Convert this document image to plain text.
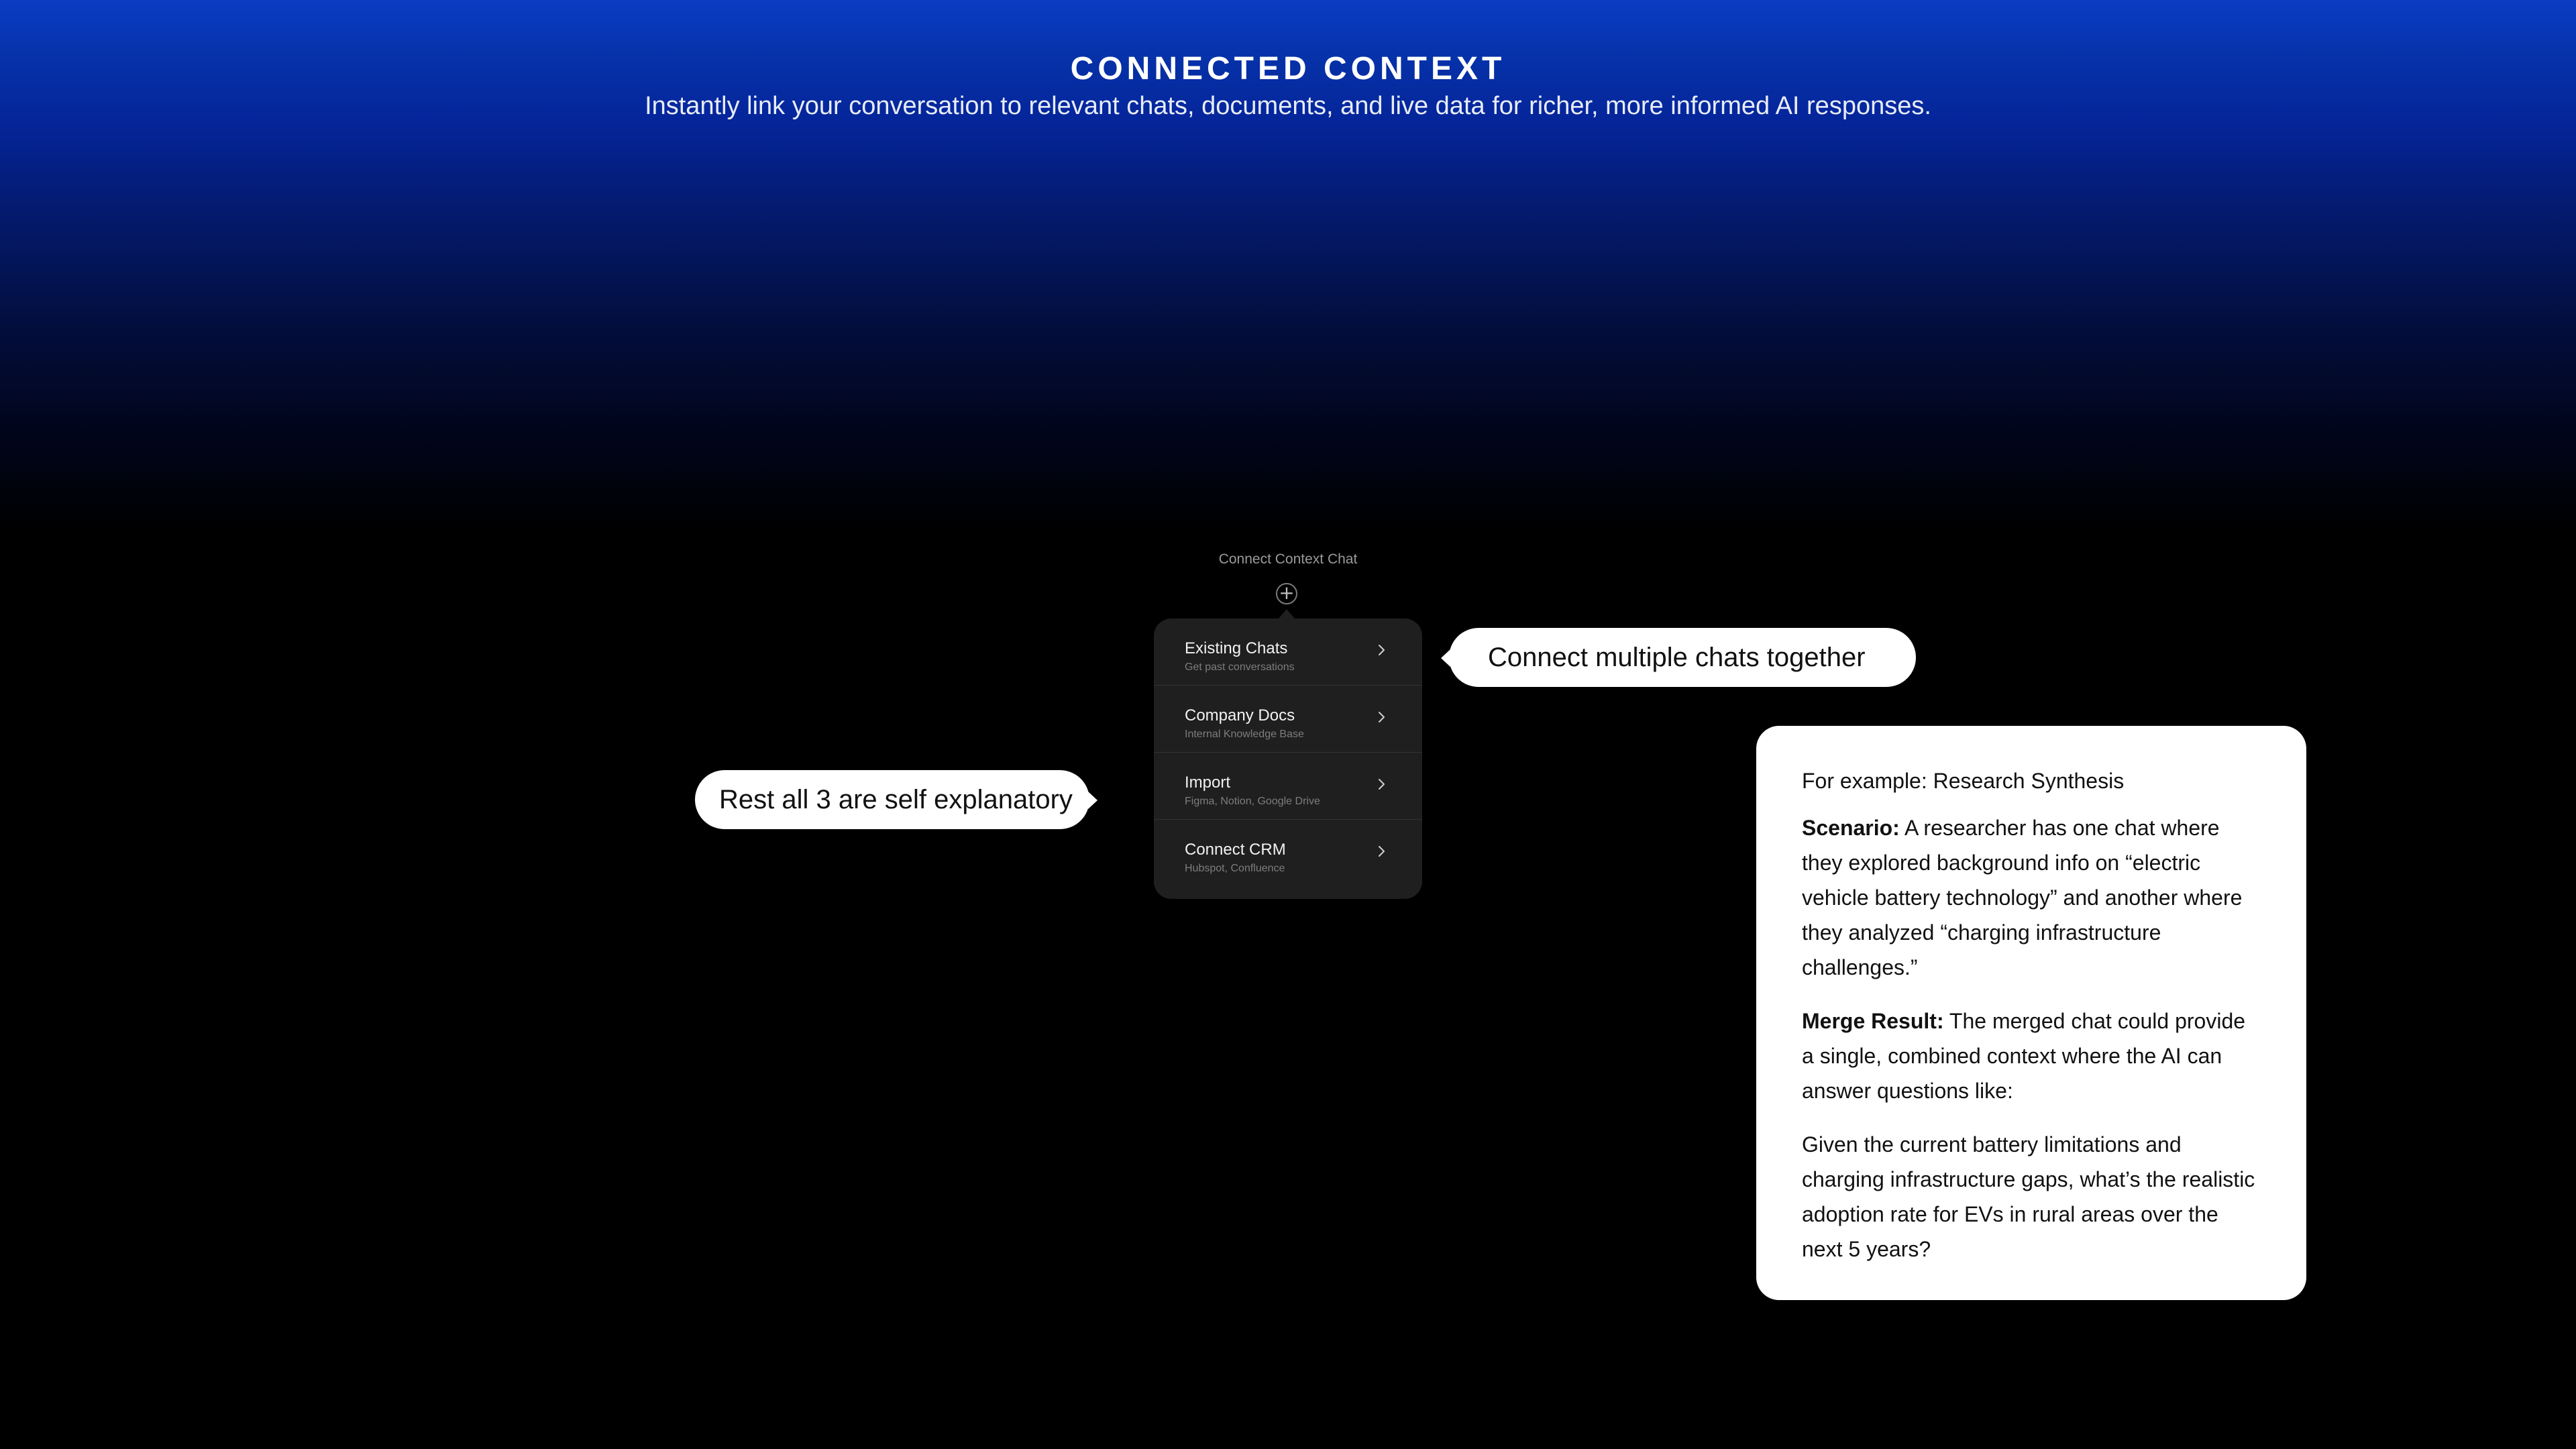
CONNECTED CONTEXT
Instantly link your conversation to relevant chats, documents, and live data for richer, more informed AI responses.
Connect Context Chat
+
Existing Chats
Get past conversations
Company Docs
Internal Knowledge Base
Import
Figma, Notion, Google Drive
Connect CRM
Hubspot, Confluence
Connect multiple chats together
Rest all 3 are self explanatory

For example: Research Synthesis

Scenario: A researcher has one chat where they explored background info on “electric vehicle battery technology” and another where they analyzed “charging infrastructure challenges.”

Merge Result: The merged chat could provide a single, combined context where the AI can answer questions like:

Given the current battery limitations and charging infrastructure gaps, what’s the realistic adoption rate for EVs in rural areas over the next 5 years?
